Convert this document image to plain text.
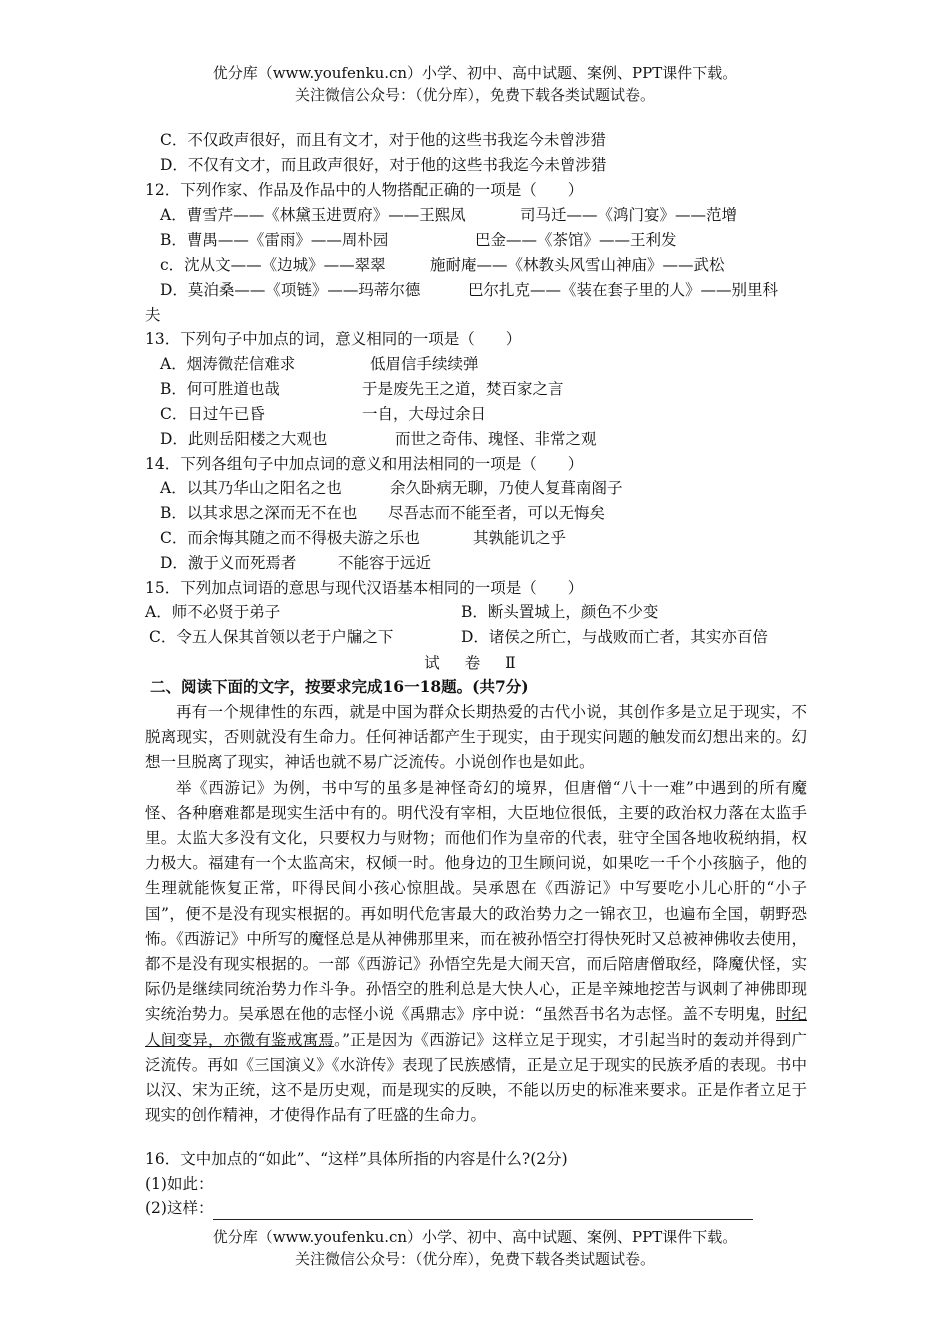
优分库（www.youfenku.cn）小学、初中、高中试题、案例、PPT课件下载。
关注微信公众号：（优分库），免费下载各类试题试卷。
C．不仅政声很好，而且有文才，对于他的这些书我迄今未曾涉猎
D．不仅有文才，而且政声很好，对于他的这些书我迄今未曾涉猎
12．下列作家、作品及作品中的人物搭配正确的一项是（　　）
A．曹雪芹——《林黛玉进贾府》——王熙凤	司马迁——《鸿门宴》——范增
B．曹禺——《雷雨》——周朴园	巴金——《茶馆》——王利发
c．沈从文——《边城》——翠翠	施耐庵——《林教头风雪山神庙》——武松
D．莫泊桑——《项链》——玛蒂尔德	巴尔扎克——《装在套子里的人》——别里科
夫
13．下列句子中加点的词，意义相同的一项是（　　）
A．烟涛微茫信难求	低眉信手续续弹
B．何可胜道也哉	于是废先王之道，焚百家之言
C．日过午已昏	一自，大母过余日
D．此则岳阳楼之大观也	而世之奇伟、瑰怪、非常之观
14．下列各组句子中加点词的意义和用法相同的一项是（　　）
A．以其乃华山之阳名之也	余久卧病无聊，乃使人复葺南阁子
B．以其求思之深而无不在也 尽吾志而不能至者，可以无悔矣
C．而余悔其随之而不得极夫游之乐也	其孰能讥之乎
D．激于义而死焉者	不能容于远近
15．下列加点词语的意思与现代汉语基本相同的一项是（　　）
A．师不必贤于弟子	B．断头置城上，颜色不少变
C．令五人保其首领以老于户牖之下	D．诸侯之所亡，与战败而亡者，其实亦百倍
试 卷 Ⅱ
二、阅读下面的文字，按要求完成16一18题。(共7分)

再有一个规律性的东西，就是中国为群众长期热爱的古代小说，其创作多是立足于现实，不脱离现实，否则就没有生命力。任何神话都产生于现实，由于现实问题的触发而幻想出来的。幻想一旦脱离了现实，神话也就不易广泛流传。小说创作也是如此。

举《西游记》为例，书中写的虽多是神怪奇幻的境界，但唐僧“八十一难”中遇到的所有魔怪、各种磨难都是现实生活中有的。明代没有宰相，大臣地位很低，主要的政治权力落在太监手里。太监大多没有文化，只要权力与财物；而他们作为皇帝的代表，驻守全国各地收税纳捐，权力极大。福建有一个太监高宋，权倾一时。他身边的卫生顾问说，如果吃一千个小孩脑子，他的生理就能恢复正常，吓得民间小孩心惊胆战。吴承恩在《西游记》中写要吃小儿心肝的“小子国”，便不是没有现实根据的。再如明代危害最大的政治势力之一锦衣卫，也遍布全国，朝野恐怖。《西游记》中所写的魔怪总是从神佛那里来，而在被孙悟空打得快死时又总被神佛收去使用，都不是没有现实根据的。一部《西游记》孙悟空先是大闹天宫，而后陪唐僧取经，降魔伏怪，实际仍是继续同统治势力作斗争。孙悟空的胜利总是大快人心，正是辛辣地挖苦与讽刺了神佛即现实统治势力。吴承恩在他的志怪小说《禹鼎志》序中说：“虽然吾书名为志怪。盖不专明鬼，时纪人间变异，亦微有鉴戒寓焉。”正是因为《西游记》这样立足于现实，才引起当时的轰动并得到广泛流传。再如《三国演义》《水浒传》表现了民族感情，正是立足于现实的民族矛盾的表现。书中以汉、宋为正统，这不是历史观，而是现实的反映，不能以历史的标准来要求。正是作者立足于现实的创作精神，才使得作品有了旺盛的生命力。

16．文中加点的“如此”、“这样”具体所指的内容是什么?(2分)
(1)如此：
(2)这样：
优分库（www.youfenku.cn）小学、初中、高中试题、案例、PPT课件下载。
关注微信公众号：（优分库），免费下载各类试题试卷。
